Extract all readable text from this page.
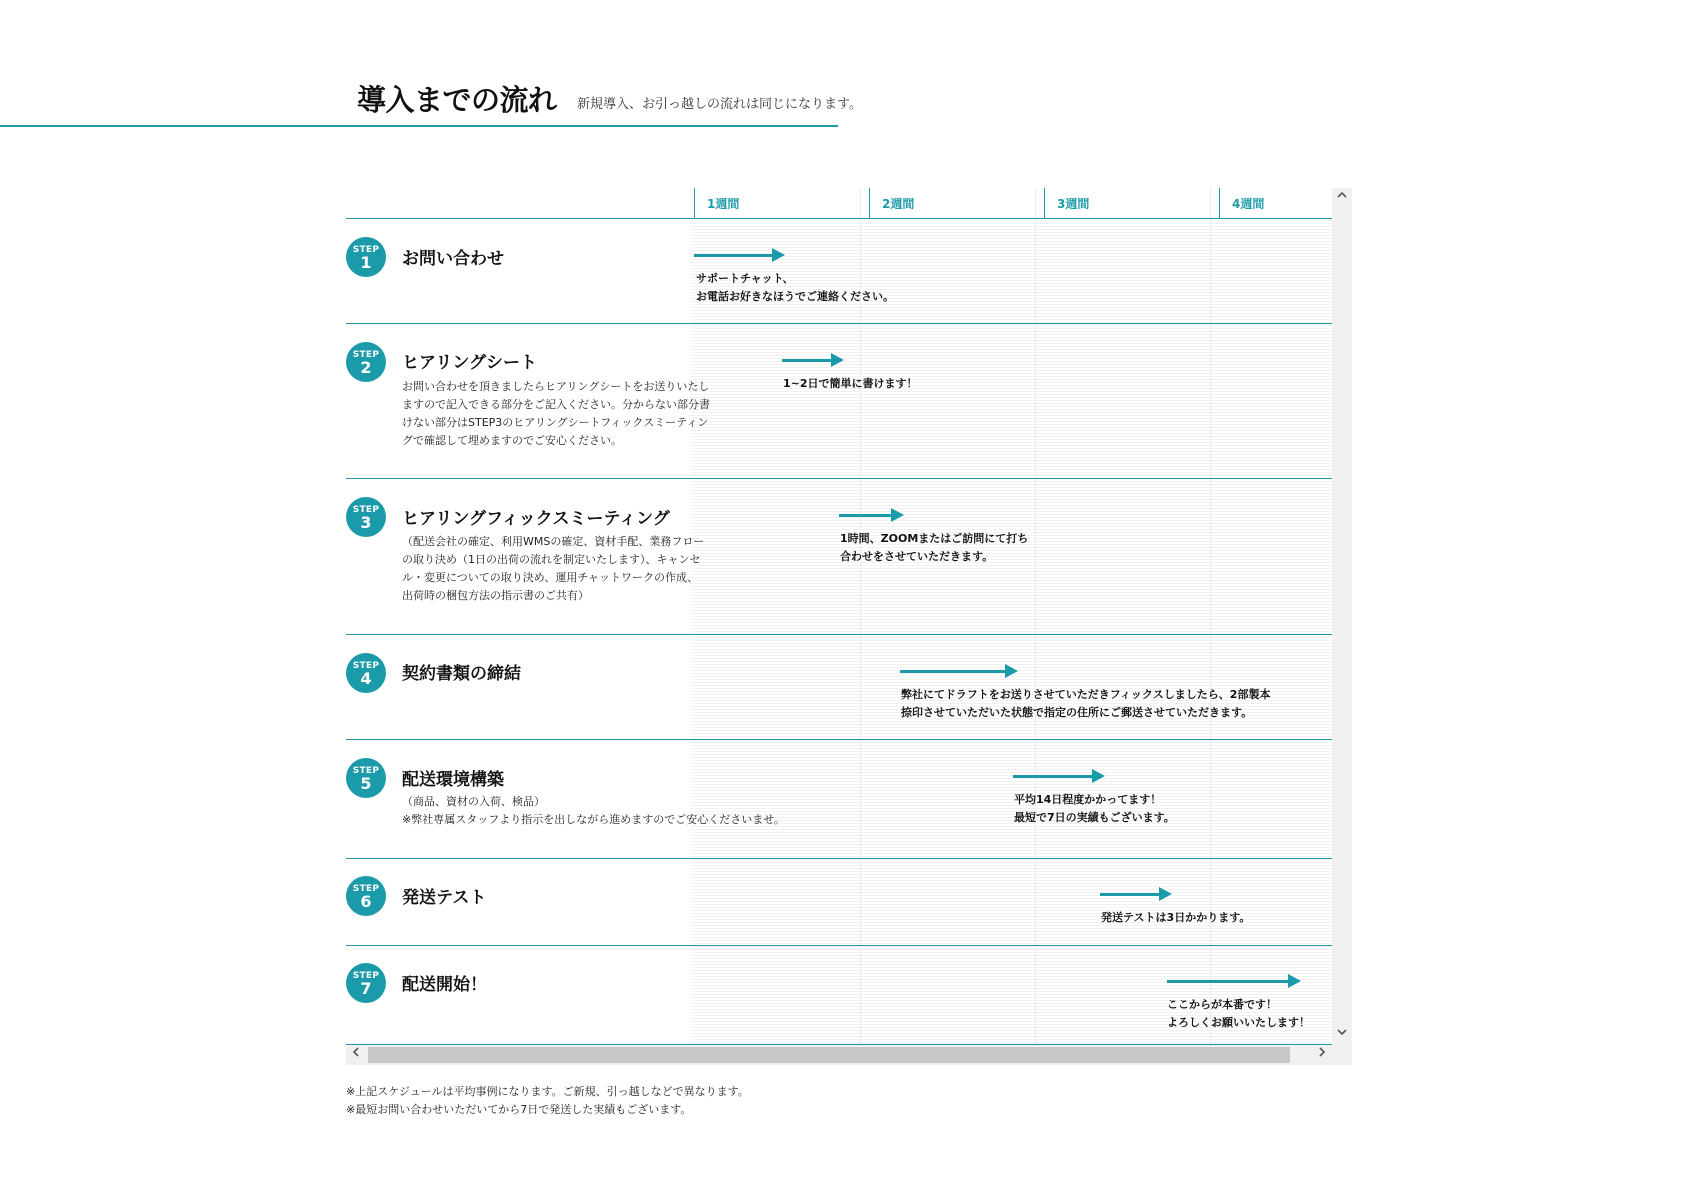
導入までの流れ 新規導入、お引っ越しの流れは同じになります。
1週間	2週間	3週間	4週間
STEP
1	お問い合わせ
サポートチャット、
お電話お好きなほうでご連絡ください。
STEP
2	ヒアリングシート
お問い合わせを頂きましたらヒアリングシートをお送りいたし
ますので記入できる部分をご記入ください。分からない部分書
けない部分はSTEP3のヒアリングシートフィックスミーティン
グで確認して埋めますのでご安心ください。
1~2日で簡単に書けます！
STEP
3	ヒアリングフィックスミーティング
（配送会社の確定、利用WMSの確定、資材手配、業務フロー
の取り決め（1日の出荷の流れを制定いたします）、キャンセ
ル・変更についての取り決め、運用チャットワークの作成、
出荷時の梱包方法の指示書のご共有）
1時間、ZOOMまたはご訪問にて打ち
合わせをさせていただきます。
STEP
4	契約書類の締結
弊社にてドラフトをお送りさせていただきフィックスしましたら、2部製本
捺印させていただいた状態で指定の住所にご郵送させていただきます。
STEP
5	配送環境構築
（商品、資材の入荷、検品）
※弊社専属スタッフより指示を出しながら進めますのでご安心くださいませ。
平均14日程度かかってます！
最短で7日の実績もございます。
STEP
6	発送テスト
発送テストは3日かかります。
STEP
7	配送開始！
ここからが本番です！
よろしくお願いいたします！
※上記スケジュールは平均事例になります。ご新規、引っ越しなどで異なります。
※最短お問い合わせいただいてから7日で発送した実績もございます。
